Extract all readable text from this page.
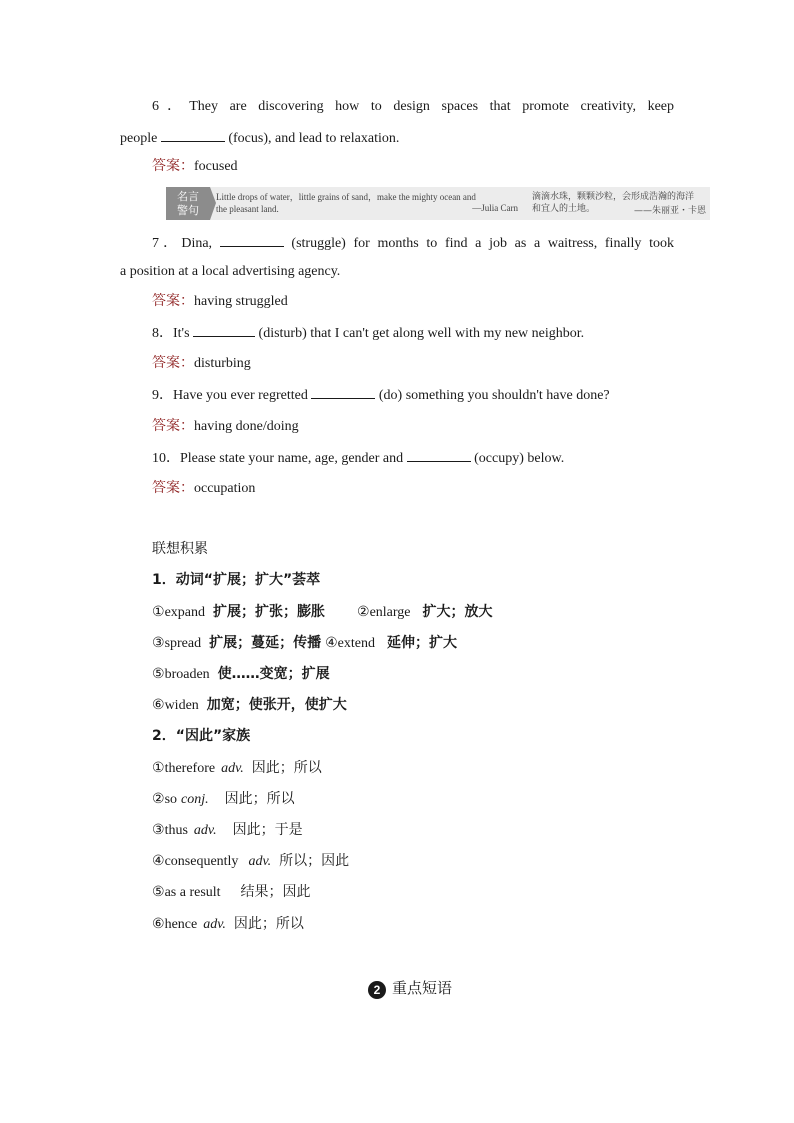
6．They are discovering how to design spaces that promote creativity, keep
people	(focus), and lead to relaxation.
答案：focused
名言
警句
Little drops of water，little grains of sand，make the mighty ocean and
the pleasant land.	—Julia Carn
滴滴水珠，颗颗沙粒，会形成浩瀚的海洋
和宜人的土地。	——朱丽亚・卡恩
7．Dina,	(struggle) for months to find a job as a waitress, finally took
a position at a local advertising agency.
答案：having struggled
8．It's	(disturb) that I can't get along well with my new neighbor.
答案：disturbing
9．Have you ever regretted	(do) something you shouldn't have done?
答案：having done/doing
10．Please state your name, age, gender and	(occupy) below.
答案：occupation
联想积累
1．动词“扩展；扩大”荟萃
①expand 扩展；扩张；膨胀 ②enlarge 扩大；放大
③spread 扩展；蔓延；传播 ④extend 延伸；扩大
⑤broaden 使……变宽；扩展
⑥widen 加宽；使张开，使扩大
2．“因此”家族
①therefore adv. 因此；所以
②so conj. 因此；所以
③thus adv. 因此；于是
④consequently adv. 所以；因此
⑤as a result 结果；因此
⑥hence adv. 因此；所以
2 重点短语
